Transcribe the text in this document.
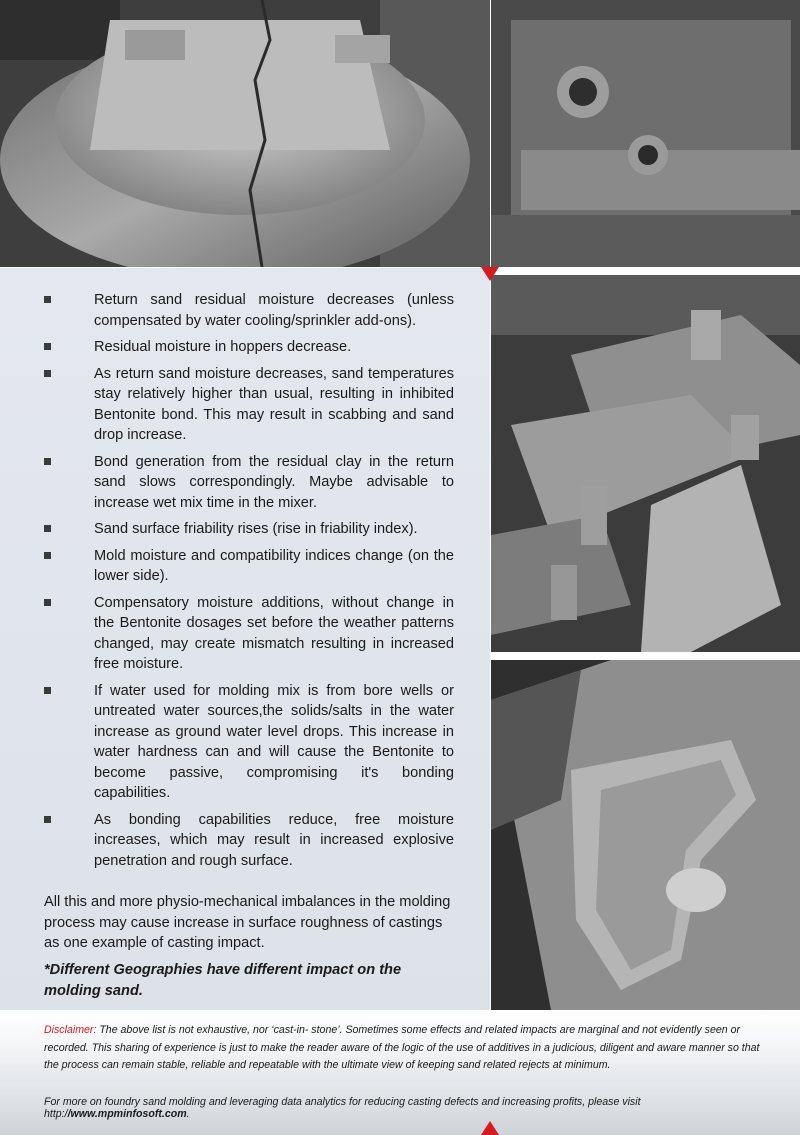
Return sand residual moisture decreases (unless compensated by water cooling/sprinkler add-ons).
Residual moisture in hoppers decrease.
As return sand moisture decreases, sand temperatures stay relatively higher than usual, resulting in inhibited Bentonite bond. This may result in scabbing and sand drop increase.
Bond generation from the residual clay in the return sand slows correspondingly. Maybe advisable to increase wet mix time in the mixer.
Sand surface friability rises (rise in friability index).
Mold moisture and compatibility indices change (on the lower side).
Compensatory moisture additions, without change in the Bentonite dosages set before the weather patterns changed, may create mismatch resulting in increased free moisture.
If water used for molding mix is from bore wells or untreated water sources,the solids/salts in the water increase as ground water level drops. This increase in water hardness can and will cause the Bentonite to become passive, compromising it's bonding capabilities.
As bonding capabilities reduce, free moisture increases, which may result in increased explosive penetration and rough surface.

All this and more physio-mechanical imbalances in the molding process may cause increase in surface roughness of castings as one example of casting impact.

*Different Geographies have different impact on the molding sand.

Disclaimer: The above list is not exhaustive, nor ‘cast-in- stone’. Sometimes some effects and related impacts are marginal and not evidently seen or recorded. This sharing of experience is just to make the reader aware of the logic of the use of additives in a judicious, diligent and aware manner so that the process can remain stable, reliable and repeatable with the ultimate view of keeping sand related rejects at minimum.

For more on foundry sand molding and leveraging data analytics for reducing casting defects and increasing profits, please visit http://www.mpminfosoft.com.
